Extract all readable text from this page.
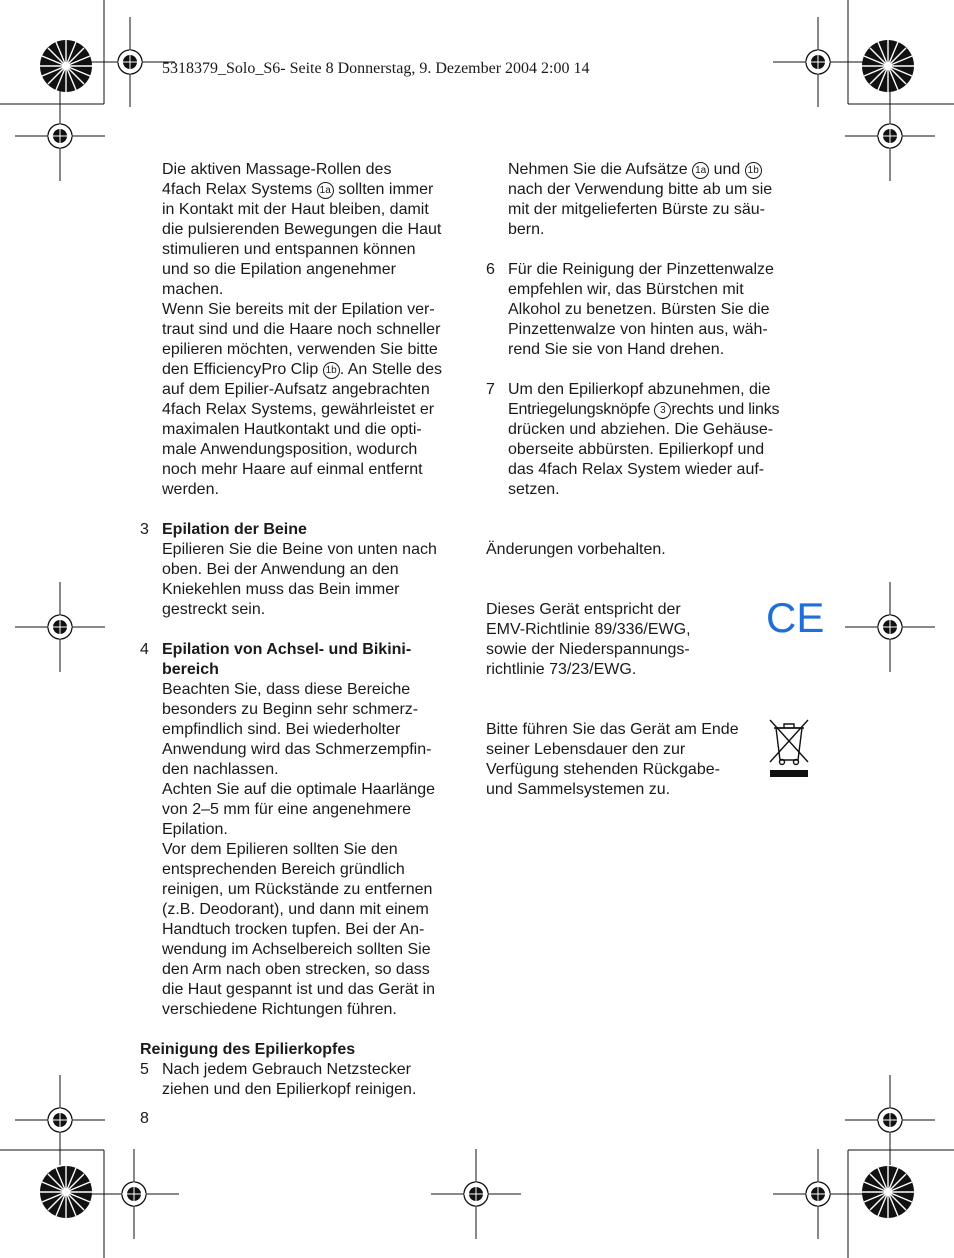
5318379_Solo_S6- Seite 8 Donnerstag, 9. Dezember 2004 2:00 14

Die aktiven Massage-Rollen des

4fach Relax Systems 1a sollten immer

in Kontakt mit der Haut bleiben, damit

die pulsierenden Bewegungen die Haut

stimulieren und entspannen können

und so die Epilation angenehmer

machen.

Wenn Sie bereits mit der Epilation ver-

traut sind und die Haare noch schneller

epilieren möchten, verwenden Sie bitte

den EfficiencyPro Clip 1b . An Stelle des

auf dem Epilier-Aufsatz angebrachten

4fach Relax Systems, gewährleistet er

maximalen Hautkontakt und die opti-

male Anwendungsposition, wodurch

noch mehr Haare auf einmal entfernt

werden.

3 Epilation der Beine

Epilieren Sie die Beine von unten nach

oben. Bei der Anwendung an den

Kniekehlen muss das Bein immer

gestreckt sein.

4 Epilation von Achsel- und Bikini-

bereich

Beachten Sie, dass diese Bereiche

besonders zu Beginn sehr schmerz-

empfindlich sind. Bei wiederholter

Anwendung wird das Schmerzempfin-

den nachlassen.

Achten Sie auf die optimale Haarlänge

von 2–5 mm für eine angenehmere

Epilation.

Vor dem Epilieren sollten Sie den

entsprechenden Bereich gründlich

reinigen, um Rückstände zu entfernen

(z.B. Deodorant), und dann mit einem

Handtuch trocken tupfen. Bei der An-

wendung im Achselbereich sollten Sie

den Arm nach oben strecken, so dass

die Haut gespannt ist und das Gerät in

verschiedene Richtungen führen.

Reinigung des Epilierkopfes

5 Nach jedem Gebrauch Netzstecker

ziehen und den Epilierkopf reinigen.

Nehmen Sie die Aufsätze 1a und 1b

nach der Verwendung bitte ab um sie

mit der mitgelieferten Bürste zu säu-

bern.

6 Für die Reinigung der Pinzettenwalze

empfehlen wir, das Bürstchen mit

Alkohol zu benetzen. Bürsten Sie die

Pinzettenwalze von hinten aus, wäh-

rend Sie sie von Hand drehen.

7 Um den Epilierkopf abzunehmen, die

Entriegelungsknöpfe 3 rechts und links

drücken und abziehen. Die Gehäuse-

oberseite abbürsten. Epilierkopf und

das 4fach Relax System wieder auf-

setzen.

Änderungen vorbehalten.

Dieses Gerät entspricht der

EMV-Richtlinie 89/336/EWG,

sowie der Niederspannungs-

richtlinie 73/23/EWG.

CE

Bitte führen Sie das Gerät am Ende

seiner Lebensdauer den zur

Verfügung stehenden Rückgabe-

und Sammelsystemen zu.

8
